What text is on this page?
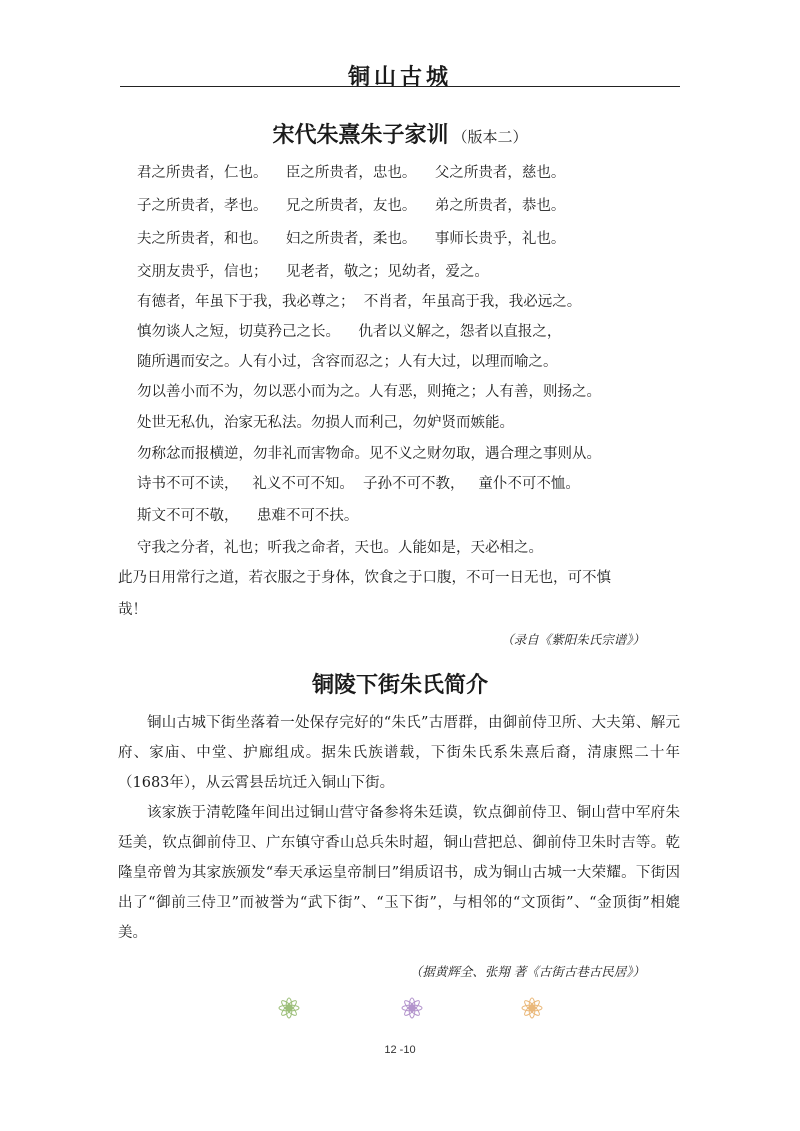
铜山古城
宋代朱熹朱子家训 （版本二）
君之所贵者，仁也。    臣之所贵者，忠也。    父之所贵者，慈也。
子之所贵者，孝也。    兄之所贵者，友也。    弟之所贵者，恭也。
夫之所贵者，和也。    妇之所贵者，柔也。    事师长贵乎，礼也。
交朋友贵乎，信也；    见老者，敬之；见幼者，爱之。
有德者，年虽下于我，我必尊之；  不肖者，年虽高于我，我必远之。
慎勿谈人之短，切莫矜己之长。    仇者以义解之，怨者以直报之，
随所遇而安之。人有小过，含容而忍之；人有大过，以理而喻之。
勿以善小而不为，勿以恶小而为之。人有恶，则掩之；人有善，则扬之。
处世无私仇，治家无私法。勿损人而利己，勿妒贤而嫉能。
勿称忿而报横逆，勿非礼而害物命。见不义之财勿取，遇合理之事则从。
诗书不可不读，   礼义不可不知。  子孙不可不教，   童仆不可不恤。
斯文不可不敬，    患难不可不扶。
守我之分者，礼也；听我之命者，天也。人能如是，天必相之。
此乃日用常行之道，若衣服之于身体，饮食之于口腹，不可一日无也，可不慎
哉！
（录自《紫阳朱氏宗谱》）
铜陵下街朱氏简介

铜山古城下街坐落着一处保存完好的“朱氏”古厝群，由御前侍卫所、大夫第、解元府、家庙、中堂、护廊组成。据朱氏族谱载，下街朱氏系朱熹后裔，清康熙二十年（1683年），从云霄县岳坑迁入铜山下街。

该家族于清乾隆年间出过铜山营守备参将朱廷谟，钦点御前侍卫、铜山营中军府朱廷美，钦点御前侍卫、广东镇守香山总兵朱时超，铜山营把总、御前侍卫朱时吉等。乾隆皇帝曾为其家族颁发“奉天承运皇帝制曰”绢质诏书，成为铜山古城一大荣耀。下街因出了“御前三侍卫”而被誉为“武下街”、“玉下街”，与相邻的“文顶街”、“金顶街”相媲美。

（据黄辉全、张翔 著《古街古巷古民居》）
12 -10
